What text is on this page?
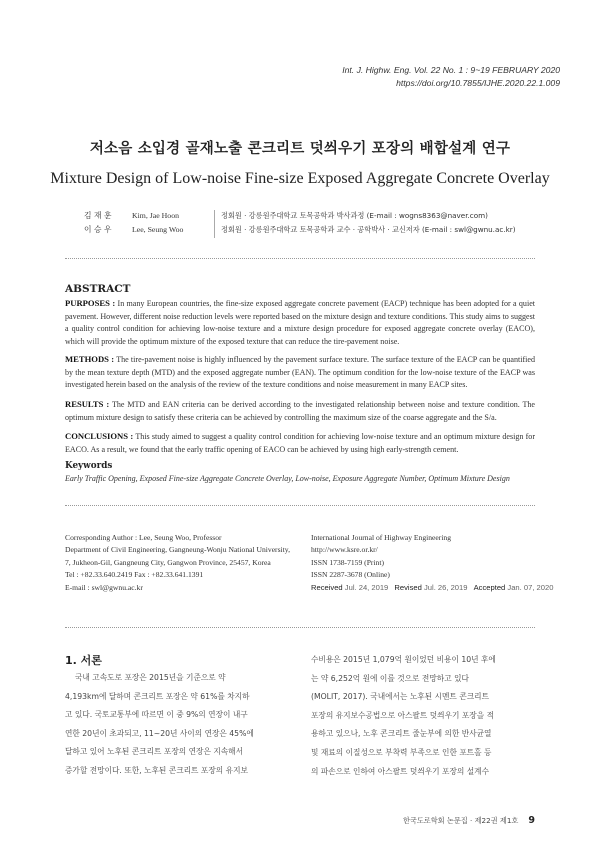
Int. J. Highw. Eng. Vol. 22 No. 1 : 9~19 FEBRUARY 2020
https://doi.org/10.7855/IJHE.2020.22.1.009
저소음 소입경 골재노출 콘크리트 덧씌우기 포장의 배합설계 연구
Mixture Design of Low-noise Fine-size Exposed Aggregate Concrete Overlay
김 재 훈	Kim, Jae Hoon
이 승 우	Lee, Seung Woo
정회원 · 강릉원주대학교 토목공학과 박사과정 (E-mail : wogns8363@naver.com)
정회원 · 강릉원주대학교 토목공학과 교수 · 공학박사 · 교신저자 (E-mail : swl@gwnu.ac.kr)
ABSTRACT
PURPOSES : In many European countries, the fine-size exposed aggregate concrete pavement (EACP) technique has been adopted for a quiet pavement. However, different noise reduction levels were reported based on the mixture design and texture conditions. This study aims to suggest a quality control condition for achieving low-noise texture and a mixture design procedure for exposed aggregate concrete overlay (EACO), which will provide the optimum mixture of the exposed texture that can reduce the tire-pavement noise.
METHODS : The tire-pavement noise is highly influenced by the pavement surface texture. The surface texture of the EACP can be quantified by the mean texture depth (MTD) and the exposed aggregate number (EAN). The optimum condition for the low-noise texture of the EACP was investigated herein based on the analysis of the review of the texture conditions and noise measurement in many EACP sites.
RESULTS : The MTD and EAN criteria can be derived according to the investigated relationship between noise and texture condition. The optimum mixture design to satisfy these criteria can be achieved by controlling the maximum size of the coarse aggregate and the S/a.
CONCLUSIONS : This study aimed to suggest a quality control condition for achieving low-noise texture and an optimum mixture design for EACO. As a result, we found that the early traffic opening of EACO can be achieved by using high early-strength cement.
Keywords
Early Traffic Opening, Exposed Fine-size Aggregate Concrete Overlay, Low-noise, Exposure Aggregate Number, Optimum Mixture Design
Corresponding Author : Lee, Seung Woo, Professor
Department of Civil Engineering, Gangneung-Wonju National University,
7, Jukheon-Gil, Gangneung City, Gangwon Province, 25457, Korea
Tel : +82.33.640.2419 Fax : +82.33.641.1391
E-mail : swl@gwnu.ac.kr
International Journal of Highway Engineering
http://www.ksre.or.kr/
ISSN 1738-7159 (Print)
ISSN 2287-3678 (Online)
Received Jul. 24, 2019 Revised Jul. 26, 2019 Accepted Jan. 07, 2020
1. 서론
국내 고속도로 포장은 2015년을 기준으로 약
4,193km에 달하며 콘크리트 포장은 약 61%를 차지하
고 있다. 국토교통부에 따르면 이 중 9%의 연장이 내구
연한 20년이 초과되고, 11~20년 사이의 연장은 45%에
달하고 있어 노후된 콘크리트 포장의 연장은 지속해서
증가할 전망이다. 또한, 노후된 콘크리트 포장의 유지보
수비용은 2015년 1,079억 원이었던 비용이 10년 후에
는 약 6,252억 원에 이를 것으로 전망하고 있다
(MOLIT, 2017). 국내에서는 노후된 시멘트 콘크리트
포장의 유지보수공법으로 아스팔트 덧씌우기 포장을 적
용하고 있으나, 노후 콘크리트 줄눈부에 의한 반사균열
및 재료의 이질성으로 부착력 부족으로 인한 포트홀 등
의 파손으로 인하여 아스팔트 덧씌우기 포장의 설계수
한국도로학회 논문집 · 제22권 제1호 9
